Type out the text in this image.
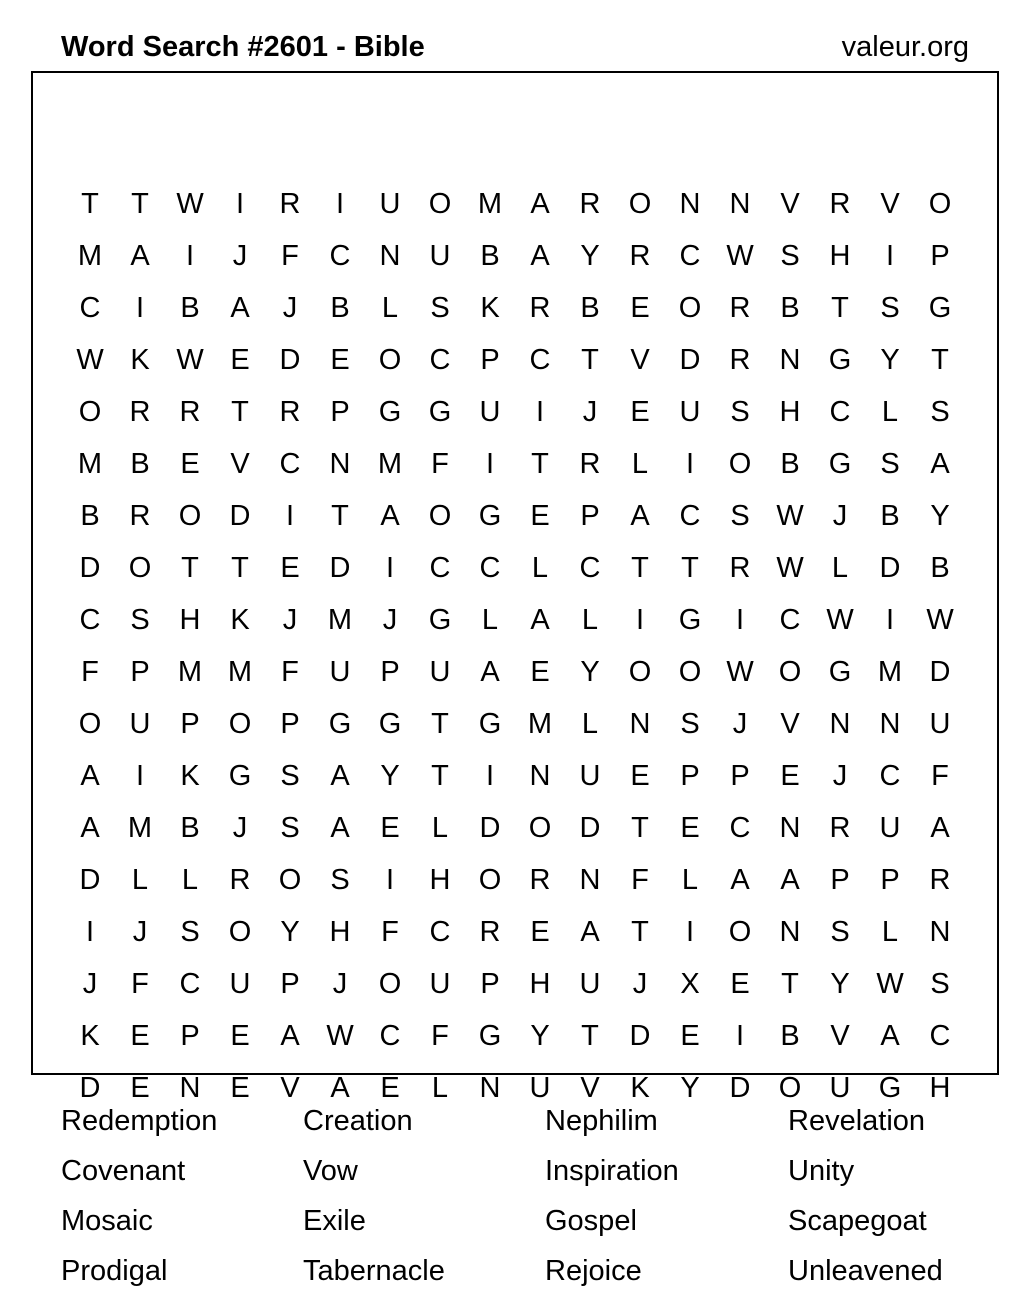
Word Search #2601 - Bible	valeur.org
T	T W	I	R	I	U O M A	R O N	N	V	R	V	O
M A	I	J	F	C	N	U	B	A	Y	R	C W S	H	I	P
C	I	B	A	J	B	L	S	K	R	B	E	O R	B	T	S	G
W K W E	D	E	O C	P	C	T	V	D	R	N G	Y	T
O R	R	T	R	P	G G U	I	J	E	U	S	H	C	L	S
M B	E	V	C	N M	F	I	T	R	L	I	O	B	G	S	A
B	R O D	I	T	A	O G	E	P	A	C	S W	J	B	Y
D O	T	T	E	D	I	C	C	L	C	T	T	R W L	D	B
C	S	H	K	J	M	J	G	L	A	L	I	G	I	C W	I	W
F	P M M	F	U	P	U	A	E	Y	O O W O G M D
O U	P	O	P	G G	T	G M	L	N	S	J	V	N	N	U
A	I	K	G	S	A	Y	T	I	N	U	E	P	P	E	J	C	F
A M B	J	S	A	E	L	D O D	T	E	C	N	R	U	A
D	L	L	R O	S	I	H O R	N	F	L	A	A	P	P	R
I	J	S	O	Y	H	F	C	R	E	A	T	I	O N	S	L	N
J	F	C	U	P	J	O U	P	H	U	J	X	E	T	Y W S
K	E	P	E	A W C	F	G	Y	T	D	E	I	B	V	A	C
D	E	N	E	V	A	E	L	N	U	V	K	Y	D O U G H
Redemption	Creation	Nephilim	Revelation
Covenant	Vow	Inspiration	Unity
Mosaic	Exile	Gospel	Scapegoat
Prodigal	Tabernacle	Rejoice	Unleavened
